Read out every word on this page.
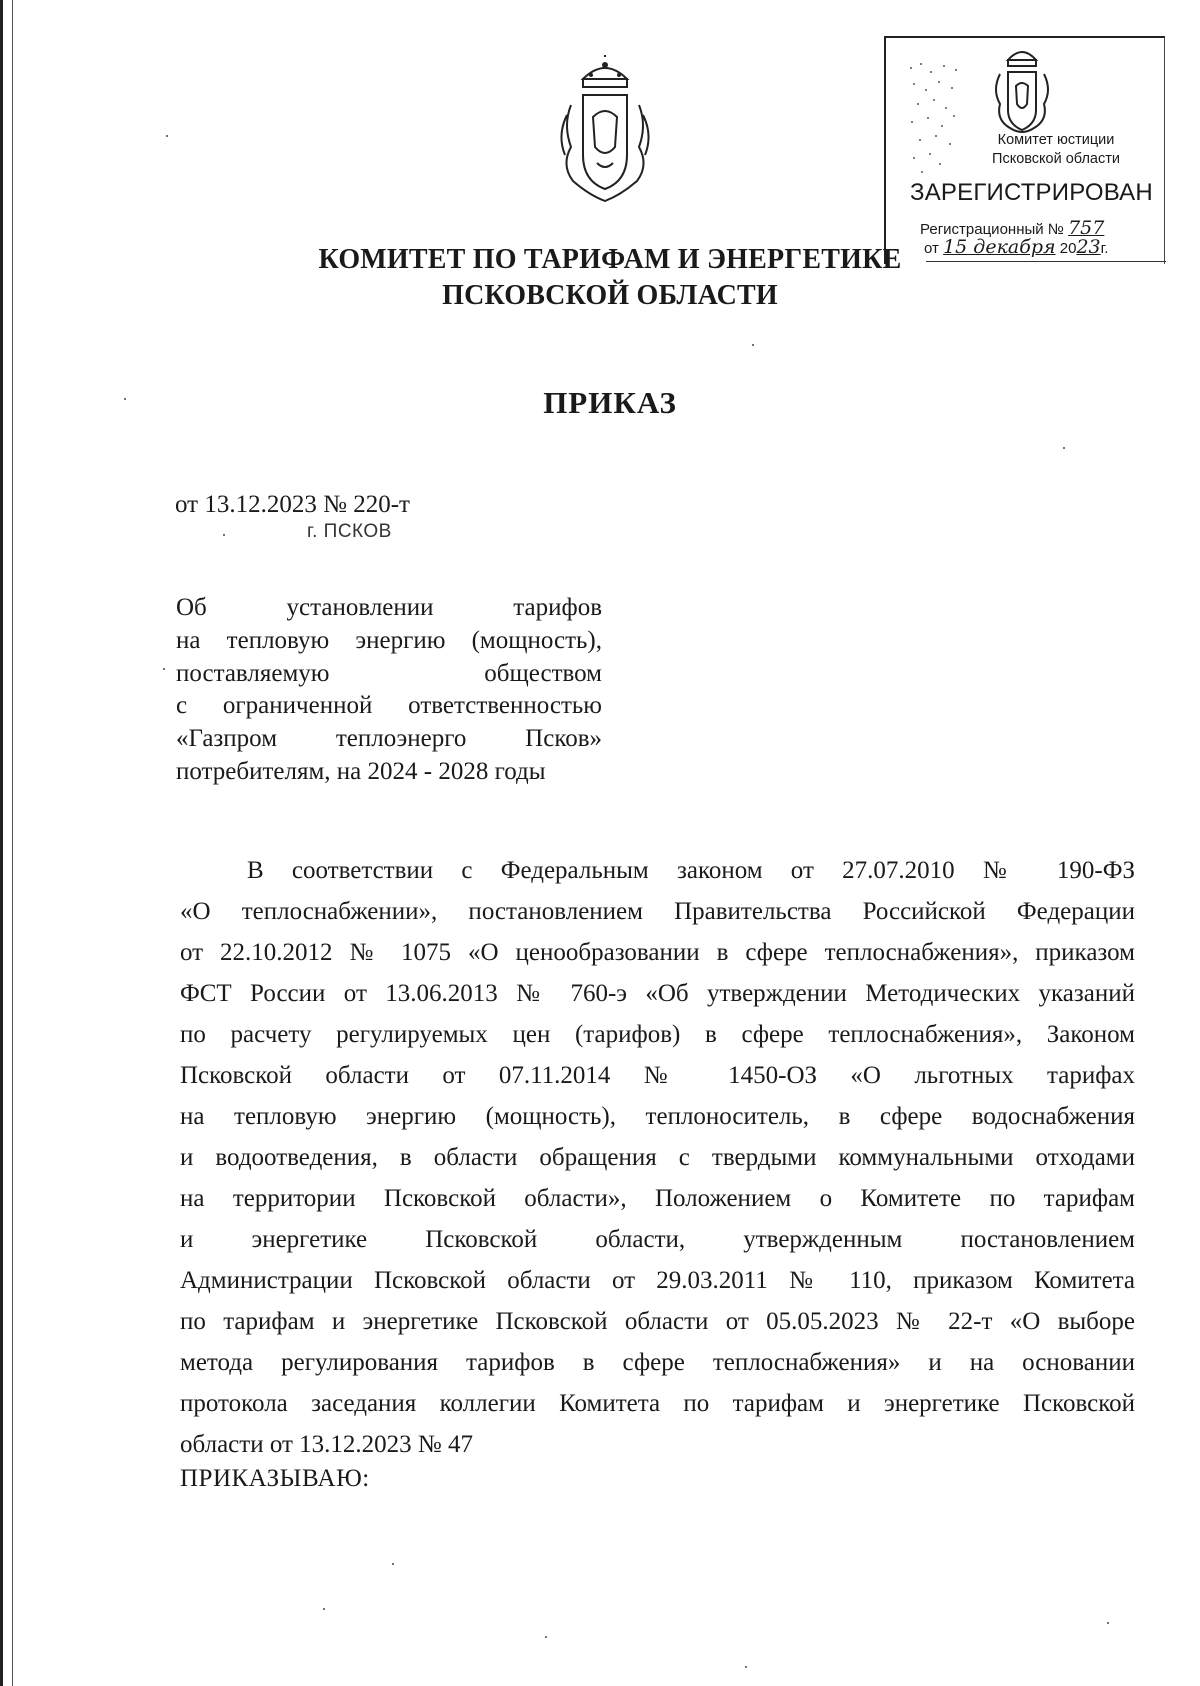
Комитет юстиции
Псковской области
ЗАРЕГИСТРИРОВАН
Регистрационный № 757
от 15 декабря 2023г.
КОМИТЕТ ПО ТАРИФАМ И ЭНЕРГЕТИКЕ
ПСКОВСКОЙ ОБЛАСТИ
ПРИКАЗ
от 13.12.2023 № 220-т
г. ПСКОВ
Об установлении тарифов
на тепловую энергию (мощность),
поставляемую обществом
с ограниченной ответственностью
«Газпром теплоэнерго Псков»
потребителям, на 2024 - 2028 годы
В соответствии с Федеральным законом от 27.07.2010 № 190-ФЗ
«О теплоснабжении», постановлением Правительства Российской Федерации
от 22.10.2012 № 1075 «О ценообразовании в сфере теплоснабжения», приказом
ФСТ России от 13.06.2013 № 760-э «Об утверждении Методических указаний
по расчету регулируемых цен (тарифов) в сфере теплоснабжения», Законом
Псковской области от 07.11.2014 № 1450-ОЗ «О льготных тарифах
на тепловую энергию (мощность), теплоноситель, в сфере водоснабжения
и водоотведения, в области обращения с твердыми коммунальными отходами
на территории Псковской области», Положением о Комитете по тарифам
и энергетике Псковской области, утвержденным постановлением
Администрации Псковской области от 29.03.2011 № 110, приказом Комитета
по тарифам и энергетике Псковской области от 05.05.2023 № 22-т «О выборе
метода регулирования тарифов в сфере теплоснабжения» и на основании
протокола заседания коллегии Комитета по тарифам и энергетике Псковской
области от 13.12.2023 № 47
ПРИКАЗЫВАЮ:
